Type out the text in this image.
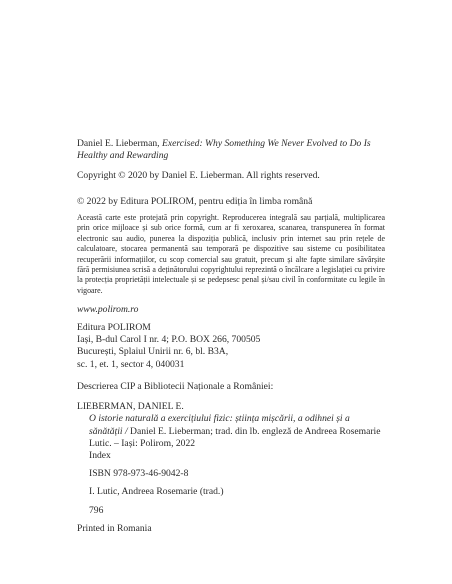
Daniel E. Lieberman, Exercised: Why Something We Never Evolved to Do Is Healthy and Rewarding

Copyright © 2020 by Daniel E. Lieberman. All rights reserved.

© 2022 by Editura POLIROM, pentru ediția în limba română

Această carte este protejată prin copyright. Reproducerea integrală sau parțială, multiplicarea prin orice mijloace și sub orice formă, cum ar fi xeroxarea, scanarea, transpunerea în format electronic sau audio, punerea la dispoziția publică, inclusiv prin internet sau prin rețele de calculatoare, stocarea permanentă sau temporară pe dispozitive sau sisteme cu posibilitatea recuperării informațiilor, cu scop comercial sau gratuit, precum și alte fapte similare săvârșite fără permisiunea scrisă a deținătorului copyrightului reprezintă o încălcare a legislației cu privire la protecția proprietății intelectuale și se pedepsesc penal și/sau civil în conformitate cu legile în vigoare.

www.polirom.ro

Editura POLIROM

Iași, B-dul Carol I nr. 4; P.O. BOX 266, 700505

București, Splaiul Unirii nr. 6, bl. B3A,

sc. 1, et. 1, sector 4, 040031

Descrierea CIP a Bibliotecii Naționale a României:

LIEBERMAN, DANIEL E.

O istorie naturală a exercițiului fizic: știința mișcării, a odihnei și a sănătății / Daniel E. Lieberman; trad. din lb. engleză de Andreea Rosemarie Lutic. – Iași: Polirom, 2022

Index

ISBN 978-973-46-9042-8

I. Lutic, Andreea Rosemarie (trad.)

796

Printed in Romania
